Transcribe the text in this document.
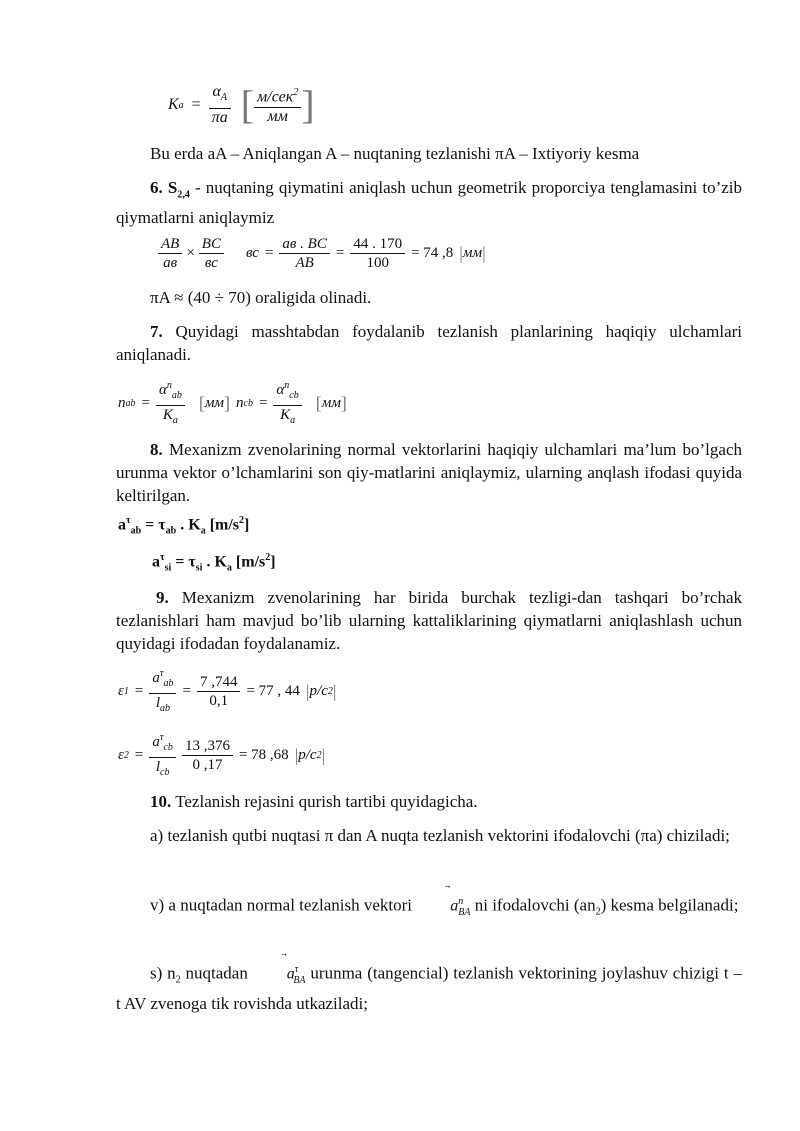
K $a = \frac{\alpha_A}{\pi a}$ [ $\frac{м/сек^2}{мм}$ ]
Bu erda aA – Aniqlangan A – nuqtaning tezlanishi πA – Ixtiyoriy kesma
6. $S_{2,4}$ - nuqtaning qiymatini aniqlash uchun geometrik proporciya tenglamasini to’zib qiymatlarni aniqlaymiz
$\frac{AB}{ав} \times \frac{BC}{вс}$ вс = $\frac{ав . BC}{AB} = \frac{44 . 170}{100} = 74$ ,8 | мм |
πA ≈ (40 ÷ 70) oraligida olinadi.
7. Quyidagi masshtabdan foydalanib tezlanish planlarining haqiqiy ulchamlari aniqlanadi.
n ab = $\frac{\alpha^n_{ab}}{K_a}$ [ мм ] n cb = $\frac{\alpha^n_{cb}}{K_a}$ [ мм ]
8. Mexanizm zvenolarining normal vektorlarini haqiqiy ulchamlari ma’lum bo’lgach urunma vektor o’lchamlarini son qiy-matlarini aniqlaymiz, ularning anqlash ifodasi quyida keltirilgan.
$a^\tau_{ab} = \tau_{ab}$ . $K_a$ $[m/s^2]$
$a^\tau_{si} = \tau_{si}$ . $K_a$ $[m/s^2]$
9. Mexanizm zvenolarining har birida burchak tezligi-dan tashqari bo’rchak tezlanishlari ham mavjud bo’lib ularning kattaliklarining qiymatlarni aniqlashlash uchun quyidagi ifodadan foydalanamiz.
ε $1 = \frac{a^\tau_{ab}}{l_{ab}} = \frac{7 ,744}{0,1} = 77$ , 44 | p/c 2 |
ε $2 = \frac{a^\tau_{cb}}{l_{cb}} \frac{13 ,376}{0 ,17} = 78$ ,68 | p/c 2 |
10. Tezlanish rejasini qurish tartibi quyidagicha.
a) tezlanish qutbi nuqtasi π dan A nuqta tezlanish vektorini ifodalovchi (πa) chiziladi;
v) a nuqtadan normal tezlanish vektori
$a^n_{BA}$ ni ifodalovchi $(an_2)$ kesma belgilanadi;
s) $n_2$ nuqtadan
$a^\tau_{BA}$ urunma (tangencial) tezlanish vektorining joylashuv chizigi t – t AV zvenoga tik rovishda utkaziladi;
